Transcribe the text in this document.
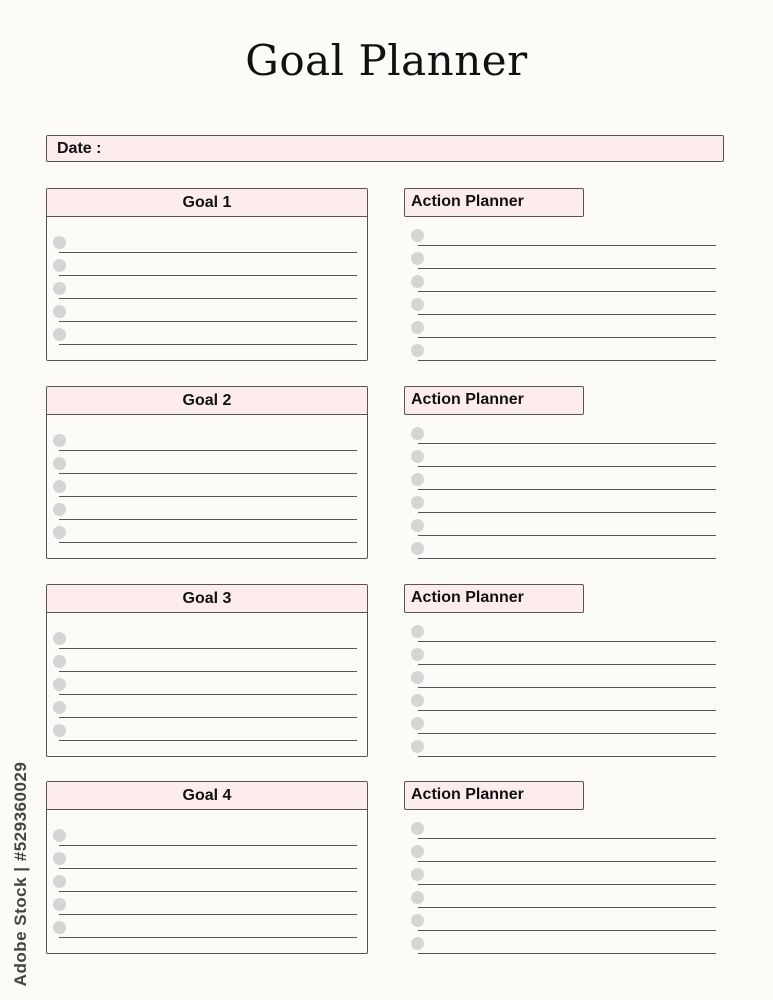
Goal Planner
Date :
Goal 1	Action Planner
Goal 2	Action Planner
Goal 3	Action Planner
Goal 4	Action Planner
Adobe Stock | #529360029
